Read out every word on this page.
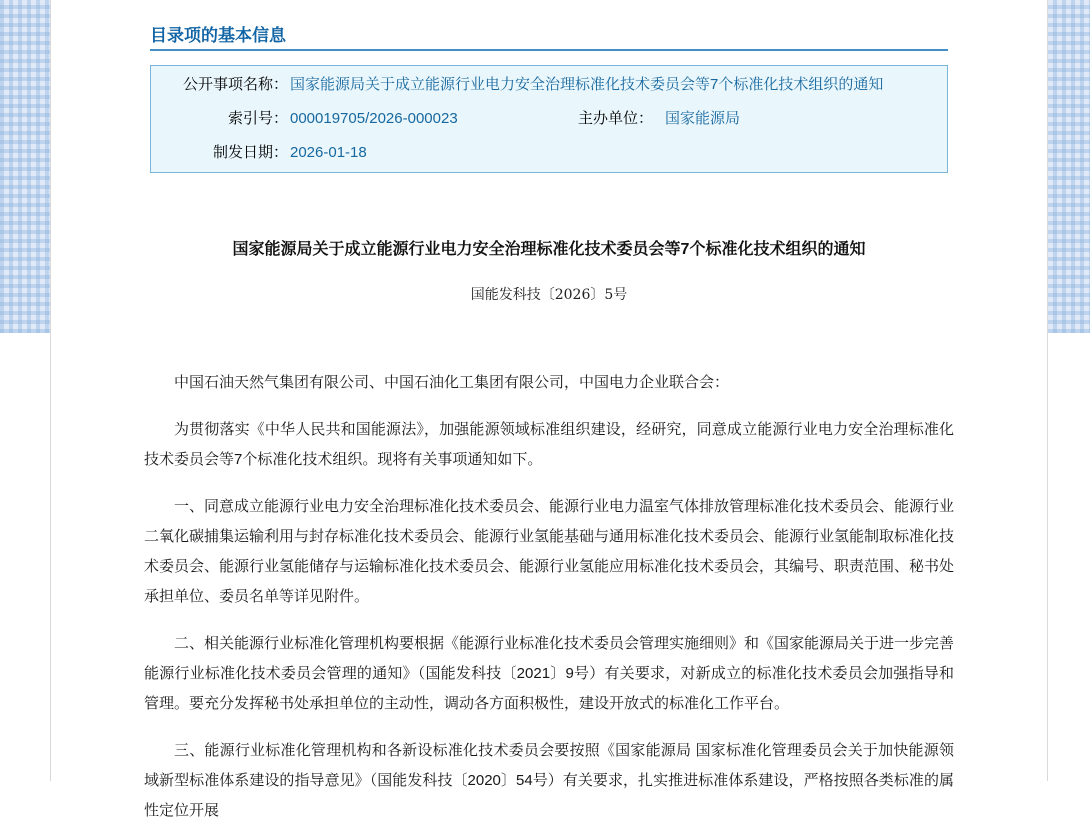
目录项的基本信息
公开事项名称： 国家能源局关于成立能源行业电力安全治理标准化技术委员会等7个标准化技术组织的通知
索引号： 000019705/2026-000023	主办单位： 国家能源局
制发日期： 2026-01-18
国家能源局关于成立能源行业电力安全治理标准化技术委员会等7个标准化技术组织的通知
国能发科技〔2026〕5号

中国石油天然气集团有限公司、中国石油化工集团有限公司，中国电力企业联合会：

为贯彻落实《中华人民共和国能源法》，加强能源领域标准组织建设，经研究，同意成立能源行业电力安全治理标准化技术委员会等7个标准化技术组织。现将有关事项通知如下。

一、同意成立能源行业电力安全治理标准化技术委员会、能源行业电力温室气体排放管理标准化技术委员会、能源行业二氧化碳捕集运输利用与封存标准化技术委员会、能源行业氢能基础与通用标准化技术委员会、能源行业氢能制取标准化技术委员会、能源行业氢能储存与运输标准化技术委员会、能源行业氢能应用标准化技术委员会，其编号、职责范围、秘书处承担单位、委员名单等详见附件。

二、相关能源行业标准化管理机构要根据《能源行业标准化技术委员会管理实施细则》和《国家能源局关于进一步完善能源行业标准化技术委员会管理的通知》（国能发科技〔2021〕9号）有关要求，对新成立的标准化技术委员会加强指导和管理。要充分发挥秘书处承担单位的主动性，调动各方面积极性，建设开放式的标准化工作平台。

三、能源行业标准化管理机构和各新设标准化技术委员会要按照《国家能源局 国家标准化管理委员会关于加快能源领域新型标准体系建设的指导意见》（国能发科技〔2020〕54号）有关要求，扎实推进标准体系建设，严格按照各类标准的属性定位开展
